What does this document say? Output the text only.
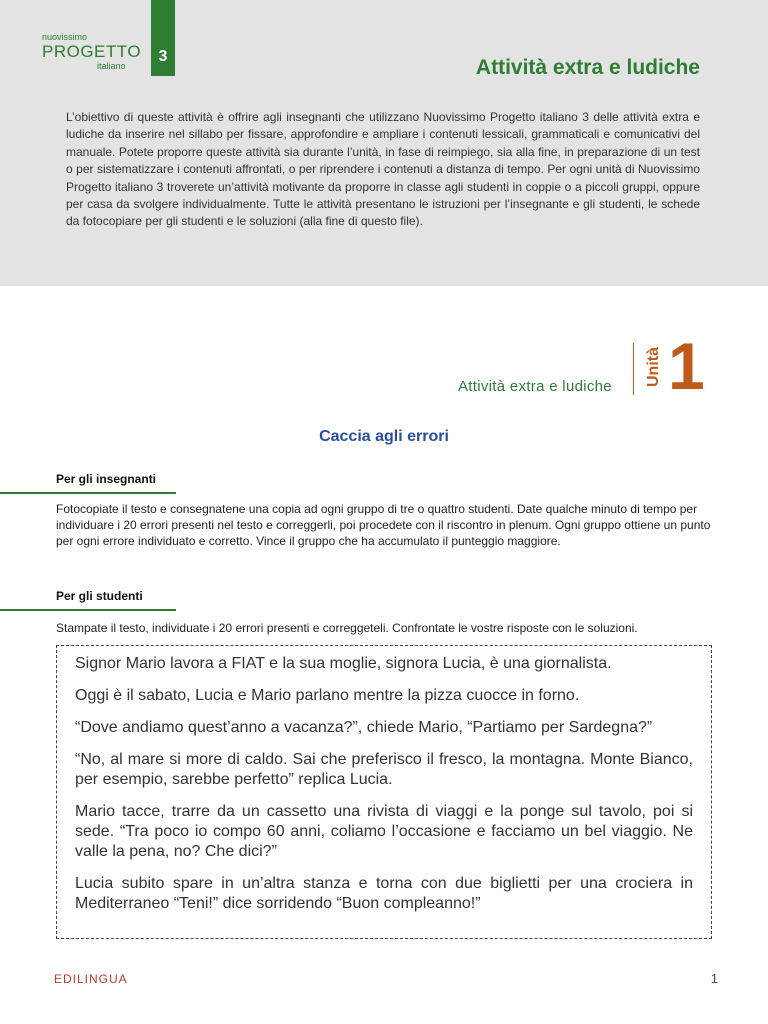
nuovissimo
PROGETTO
italiano
3	Attività extra e ludiche
L’obiettivo di queste attività è offrire agli insegnanti che utilizzano Nuovissimo Progetto italiano 3 delle attività extra e ludiche da inserire nel sillabo per fissare, approfondire e ampliare i contenuti lessicali, grammaticali e comunicativi del manuale. Potete proporre queste attività sia durante l’unità, in fase di reimpiego, sia alla fine, in preparazione di un test o per sistematizzare i contenuti affrontati, o per riprendere i contenuti a distanza di tempo. Per ogni unità di Nuovissimo Progetto italiano 3 troverete un’attività motivante da proporre in classe agli studenti in coppie o a piccoli gruppi, oppure per casa da svolgere individualmente. Tutte le attività presentano le istruzioni per l’insegnante e gli studenti, le schede da fotocopiare per gli studenti e le soluzioni (alla fine di questo file).
Attività extra e ludiche Unità 1
Caccia agli errori
Per gli insegnanti
Fotocopiate il testo e consegnatene una copia ad ogni gruppo di tre o quattro studenti. Date qualche minuto di tempo per individuare i 20 errori presenti nel testo e correggerli, poi procedete con il riscontro in plenum. Ogni gruppo ottiene un punto per ogni errore individuato e corretto. Vince il gruppo che ha accumulato il punteggio maggiore.
Per gli studenti
Stampate il testo, individuate i 20 errori presenti e correggeteli. Confrontate le vostre risposte con le soluzioni.

Signor Mario lavora a FIAT e la sua moglie, signora Lucia, è una giornalista.

Oggi è il sabato, Lucia e Mario parlano mentre la pizza cuocce in forno.

“Dove andiamo quest’anno a vacanza?”, chiede Mario, “Partiamo per Sardegna?”

“No, al mare si more di caldo. Sai che preferisco il fresco, la montagna. Monte Bianco, per esempio, sarebbe perfetto” replica Lucia.

Mario tacce, trarre da un cassetto una rivista di viaggi e la ponge sul tavolo, poi si sede. “Tra poco io compo 60 anni, coliamo l’occasione e facciamo un bel viaggio. Ne valle la pena, no? Che dici?”

Lucia subito spare in un’altra stanza e torna con due biglietti per una crociera in Mediterraneo “Teni!” dice sorridendo “Buon compleanno!”

EDILINGUA	1
